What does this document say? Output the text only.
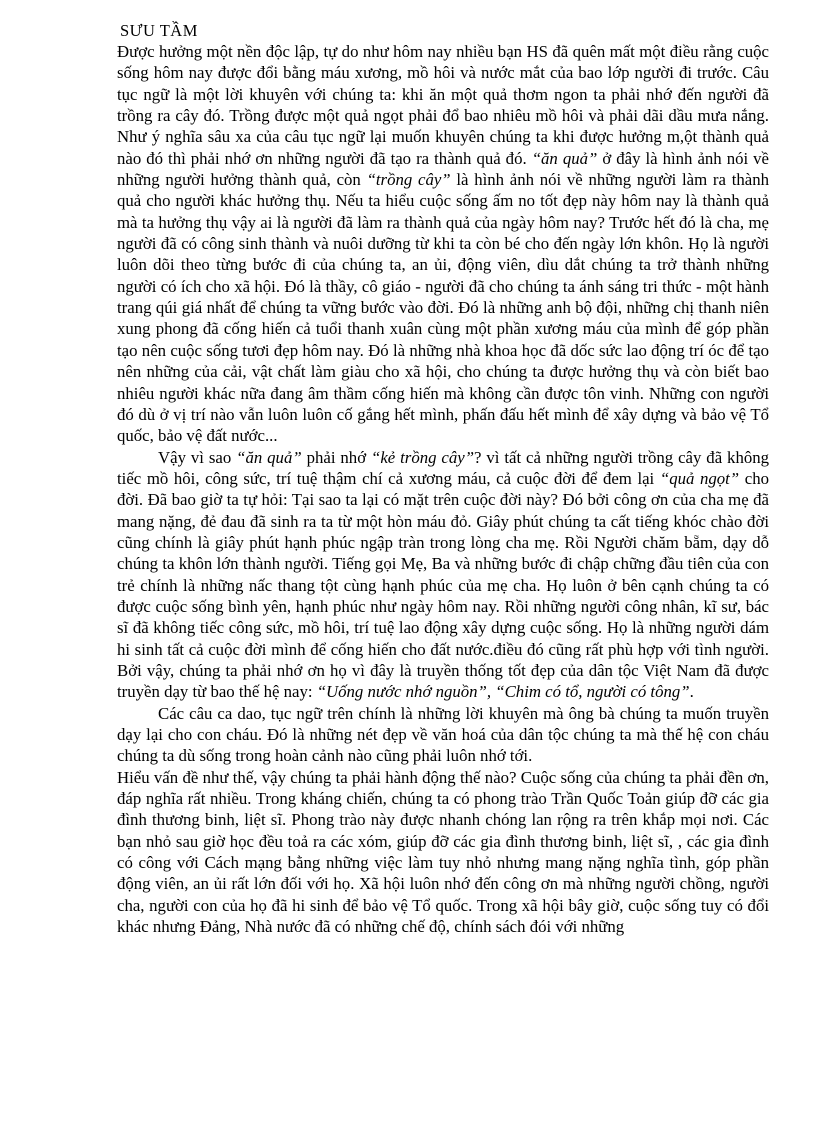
SƯU TẦM

Được hưởng một nền độc lập, tự do như hôm nay nhiều bạn HS đã quên mất một điều rằng cuộc sống hôm nay được đổi bằng máu xương, mồ hôi và nước mắt của bao lớp người đi trước. Câu tục ngữ là một lời khuyên với chúng ta: khi ăn một quả thơm ngon ta phải nhớ đến người đã trồng ra cây đó. Trồng được một quả ngọt phải đổ bao nhiêu mồ hôi và phải dãi dầu mưa nắng. Như ý nghĩa sâu xa của câu tục ngữ lại muốn khuyên chúng ta khi được hưởng m,ột thành quả nào đó thì phải nhớ ơn những người đã tạo ra thành quả đó. “ăn quả” ở đây là hình ảnh nói về những người hưởng thành quả, còn “trồng cây” là hình ảnh nói về những người làm ra thành quả cho người khác hưởng thụ. Nếu ta hiểu cuộc sống ấm no tốt đẹp này hôm nay là thành quả mà ta hưởng thụ vậy ai là người đã làm ra thành quả của ngày hôm nay? Trước hết đó là cha, mẹ người đã có công sinh thành và nuôi dưỡng từ khi ta còn bé cho đến ngày lớn khôn. Họ là người luôn dõi theo từng bước đi của chúng ta, an ủi, động viên, dìu dắt chúng ta trở thành những người có ích cho xã hội. Đó là thầy, cô giáo - người đã cho chúng ta ánh sáng tri thức - một hành trang qúi giá nhất để chúng ta vững bước vào đời. Đó là những anh bộ đội, những chị thanh niên xung phong đã cống hiến cả tuổi thanh xuân cùng một phần xương máu của mình để góp phần tạo nên cuộc sống tươi đẹp hôm nay. Đó là những nhà khoa học đã dốc sức lao động trí óc để tạo nên những của cải, vật chất làm giàu cho xã hội, cho chúng ta được hưởng thụ và còn biết bao nhiêu người khác nữa đang âm thầm cống hiến mà không cần được tôn vinh. Những con người đó dù ở vị trí nào vẫn luôn luôn cố gắng hết mình, phấn đấu hết mình để xây dựng và bảo vệ Tổ quốc, bảo vệ đất nước...

Vậy vì sao “ăn quả” phải nhớ “kẻ trồng cây”? vì tất cả những người trồng cây đã không tiếc mồ hôi, công sức, trí tuệ thậm chí cả xương máu, cả cuộc đời để đem lại “quả ngọt” cho đời. Đã bao giờ ta tự hỏi: Tại sao ta lại có mặt trên cuộc đời này? Đó bởi công ơn của cha mẹ đã mang nặng, đẻ đau đã sinh ra ta từ một hòn máu đỏ. Giây phút chúng ta cất tiếng khóc chào đời cũng chính là giây phút hạnh phúc ngập tràn trong lòng cha mẹ. Rồi Người chăm bẵm, dạy dỗ chúng ta khôn lớn thành người. Tiếng gọi Mẹ, Ba và những bước đi chập chững đầu tiên của con trẻ chính là những nấc thang tột cùng hạnh phúc của mẹ cha. Họ luôn ở bên cạnh chúng ta có được cuộc sống bình yên, hạnh phúc như ngày hôm nay. Rồi những người công nhân, kĩ sư, bác sĩ đã không tiếc công sức, mồ hôi, trí tuệ lao động xây dựng cuộc sống. Họ là những người dám hi sinh tất cả cuộc đời mình để cống hiến cho đất nước.điều đó cũng rất phù hợp với tình người. Bởi vậy, chúng ta phải nhớ ơn họ vì đây là truyền thống tốt đẹp của dân tộc Việt Nam đã được truyền dạy từ bao thế hệ nay: “Uống nước nhớ nguồn”, “Chim có tổ, người có tông”.

Các câu ca dao, tục ngữ trên chính là những lời khuyên mà ông bà chúng ta muốn truyền dạy lại cho con cháu. Đó là những nét đẹp về văn hoá của dân tộc chúng ta mà thế hệ con cháu chúng ta dù sống trong hoàn cảnh nào cũng phải luôn nhớ tới.

Hiểu vấn đề như thế, vậy chúng ta phải hành động thế nào? Cuộc sống của chúng ta phải đền ơn, đáp nghĩa rất nhiều. Trong kháng chiến, chúng ta có phong trào Trần Quốc Toản giúp đỡ các gia đình thương binh, liệt sĩ. Phong trào này được nhanh chóng lan rộng ra trên khắp mọi nơi. Các bạn nhỏ sau giờ học đều toả ra các xóm, giúp đỡ các gia đình thương binh, liệt sĩ, , các gia đình có công với Cách mạng bằng những việc làm tuy nhỏ nhưng mang nặng nghĩa tình, góp phần động viên, an ủi rất lớn đối với họ. Xã hội luôn nhớ đến công ơn mà những người chồng, người cha, người con của họ đã hi sinh để bảo vệ Tổ quốc. Trong xã hội bây giờ, cuộc sống tuy có đổi khác nhưng Đảng, Nhà nước đã có những chế độ, chính sách đói với những
